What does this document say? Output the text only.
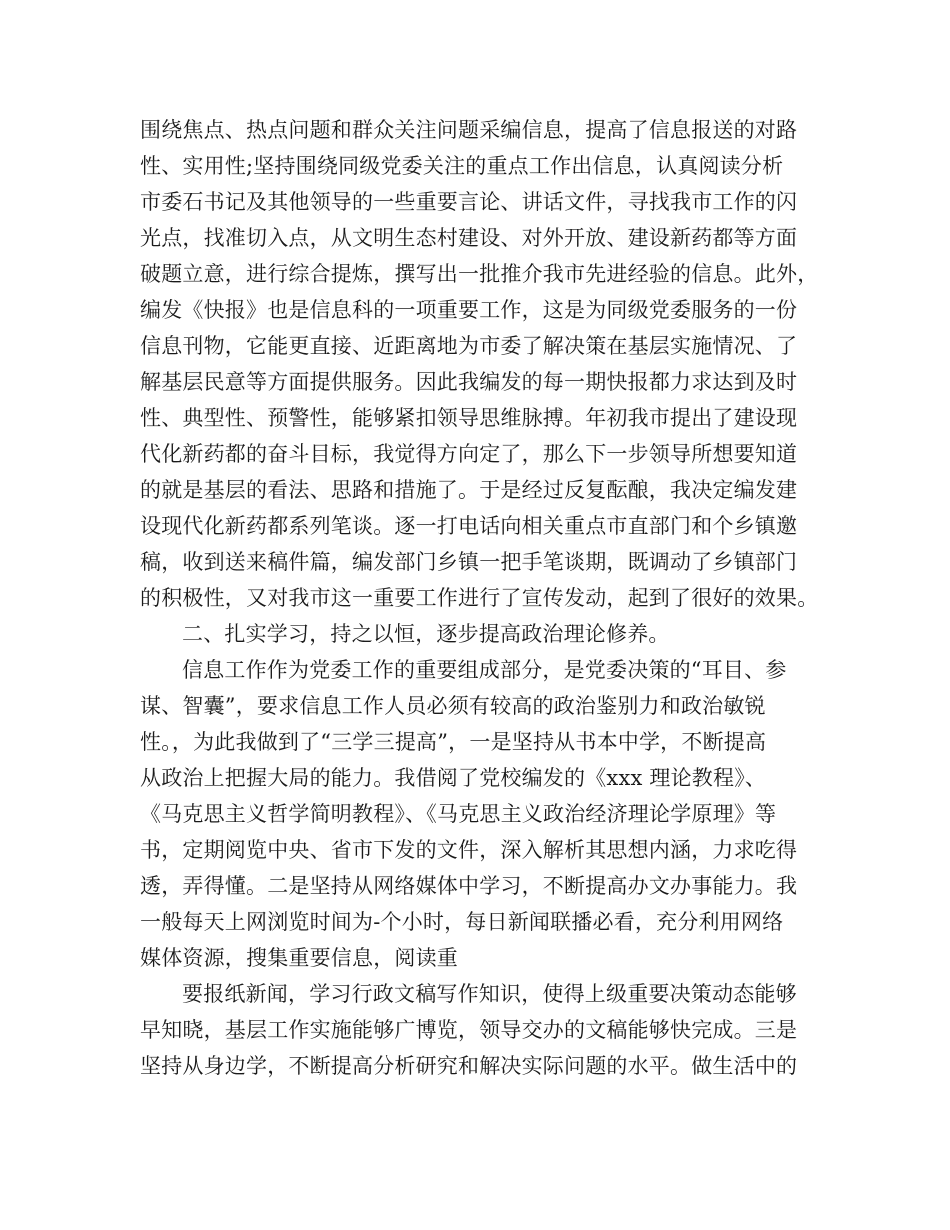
围绕焦点、热点问题和群众关注问题采编信息，提高了信息报送的对路
性、实用性;坚持围绕同级党委关注的重点工作出信息，认真阅读分析
市委石书记及其他领导的一些重要言论、讲话文件，寻找我市工作的闪
光点，找准切入点，从文明生态村建设、对外开放、建设新药都等方面
破题立意，进行综合提炼，撰写出一批推介我市先进经验的信息。此外，
编发《快报》也是信息科的一项重要工作，这是为同级党委服务的一份
信息刊物，它能更直接、近距离地为市委了解决策在基层实施情况、了
解基层民意等方面提供服务。因此我编发的每一期快报都力求达到及时
性、典型性、预警性，能够紧扣领导思维脉搏。年初我市提出了建设现
代化新药都的奋斗目标，我觉得方向定了，那么下一步领导所想要知道
的就是基层的看法、思路和措施了。于是经过反复酝酿，我决定编发建
设现代化新药都系列笔谈。逐一打电话向相关重点市直部门和个乡镇邀
稿，收到送来稿件篇，编发部门乡镇一把手笔谈期，既调动了乡镇部门
的积极性，又对我市这一重要工作进行了宣传发动，起到了很好的效果。
二、扎实学习，持之以恒，逐步提高政治理论修养。
信息工作作为党委工作的重要组成部分，是党委决策的“耳目、参
谋、智囊”，要求信息工作人员必须有较高的政治鉴别力和政治敏锐
性。，为此我做到了“三学三提高”，一是坚持从书本中学，不断提高
从政治上把握大局的能力。我借阅了党校编发的《xxx 理论教程》、
《马克思主义哲学简明教程》、《马克思主义政治经济理论学原理》等
书，定期阅览中央、省市下发的文件，深入解析其思想内涵，力求吃得
透，弄得懂。二是坚持从网络媒体中学习，不断提高办文办事能力。我
一般每天上网浏览时间为-个小时，每日新闻联播必看，充分利用网络
媒体资源，搜集重要信息，阅读重
要报纸新闻，学习行政文稿写作知识，使得上级重要决策动态能够
早知晓，基层工作实施能够广博览，领导交办的文稿能够快完成。三是
坚持从身边学，不断提高分析研究和解决实际问题的水平。做生活中的
